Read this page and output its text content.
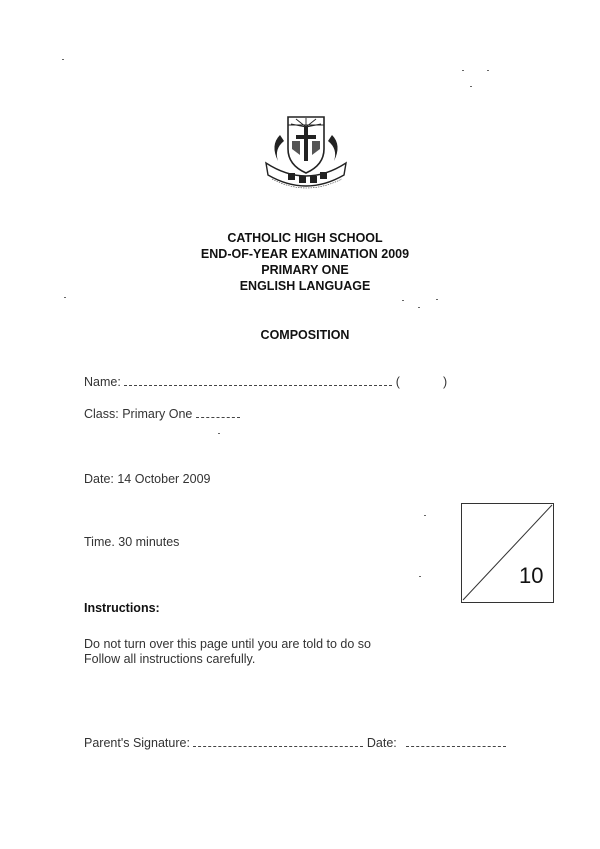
CATHOLIC HIGH SCHOOL
END-OF-YEAR EXAMINATION 2009
PRIMARY ONE
ENGLISH LANGUAGE
COMPOSITION
Name:	(	)
Class: Primary One
Date: 14 October 2009
Time. 30 minutes
10
Instructions:
Do not turn over this page until you are told to do so
Follow all instructions carefully.
Parent's Signature:	Date:
